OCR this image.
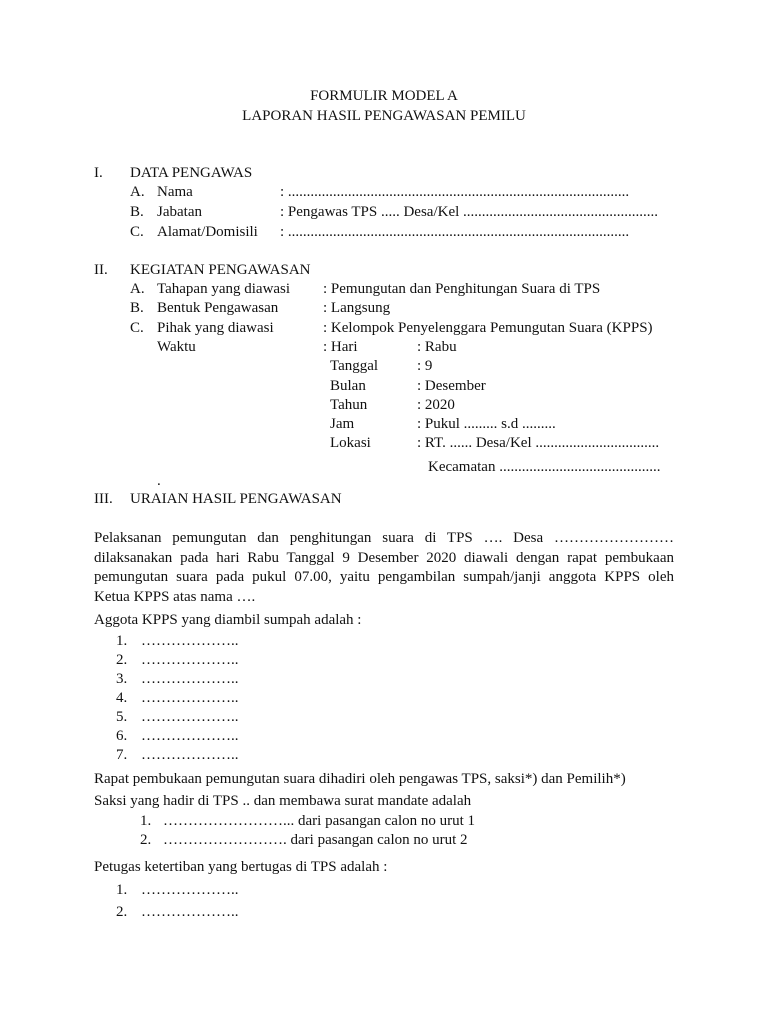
FORMULIR MODEL A
LAPORAN HASIL PENGAWASAN PEMILU
I. DATA PENGAWAS
A. Nama	: ...........................................................................................
B. Jabatan	: Pengawas TPS ..... Desa/Kel ....................................................
C. Alamat/Domisili : ...........................................................................................
II. KEGIATAN PENGAWASAN
A. Tahapan yang diawasi : Pemungutan dan Penghitungan Suara di TPS
B. Bentuk Pengawasan	: Langsung
C. Pihak yang diawasi	: Kelompok Penyelenggara Pemungutan Suara (KPPS)
Waktu	: Hari	: Rabu
Tanggal	: 9
Bulan	: Desember
Tahun	: 2020
Jam	: Pukul ......... s.d .........
Lokasi	: RT. ...... Desa/Kel .................................
Kecamatan ...........................................
.
III. URAIAN HASIL PENGAWASAN
Pelaksanan pemungutan dan penghitungan suara di TPS …. Desa ……………………
dilaksanakan pada hari Rabu Tanggal 9 Desember 2020 diawali dengan rapat pembukaan
pemungutan suara pada pukul 07.00, yaitu pengambilan sumpah/janji anggota KPPS oleh
Ketua KPPS atas nama ….
Aggota KPPS yang diambil sumpah adalah :
1. ………………..
2. ………………..
3. ………………..
4. ………………..
5. ………………..
6. ………………..
7. ………………..
Rapat pembukaan pemungutan suara dihadiri oleh pengawas TPS, saksi*) dan Pemilih*)
Saksi yang hadir di TPS .. dan membawa surat mandate adalah
1. ……………………... dari pasangan calon no urut 1
2. ……………………. dari pasangan calon no urut 2
Petugas ketertiban yang bertugas di TPS adalah :
1. ………………..
2. ………………..
